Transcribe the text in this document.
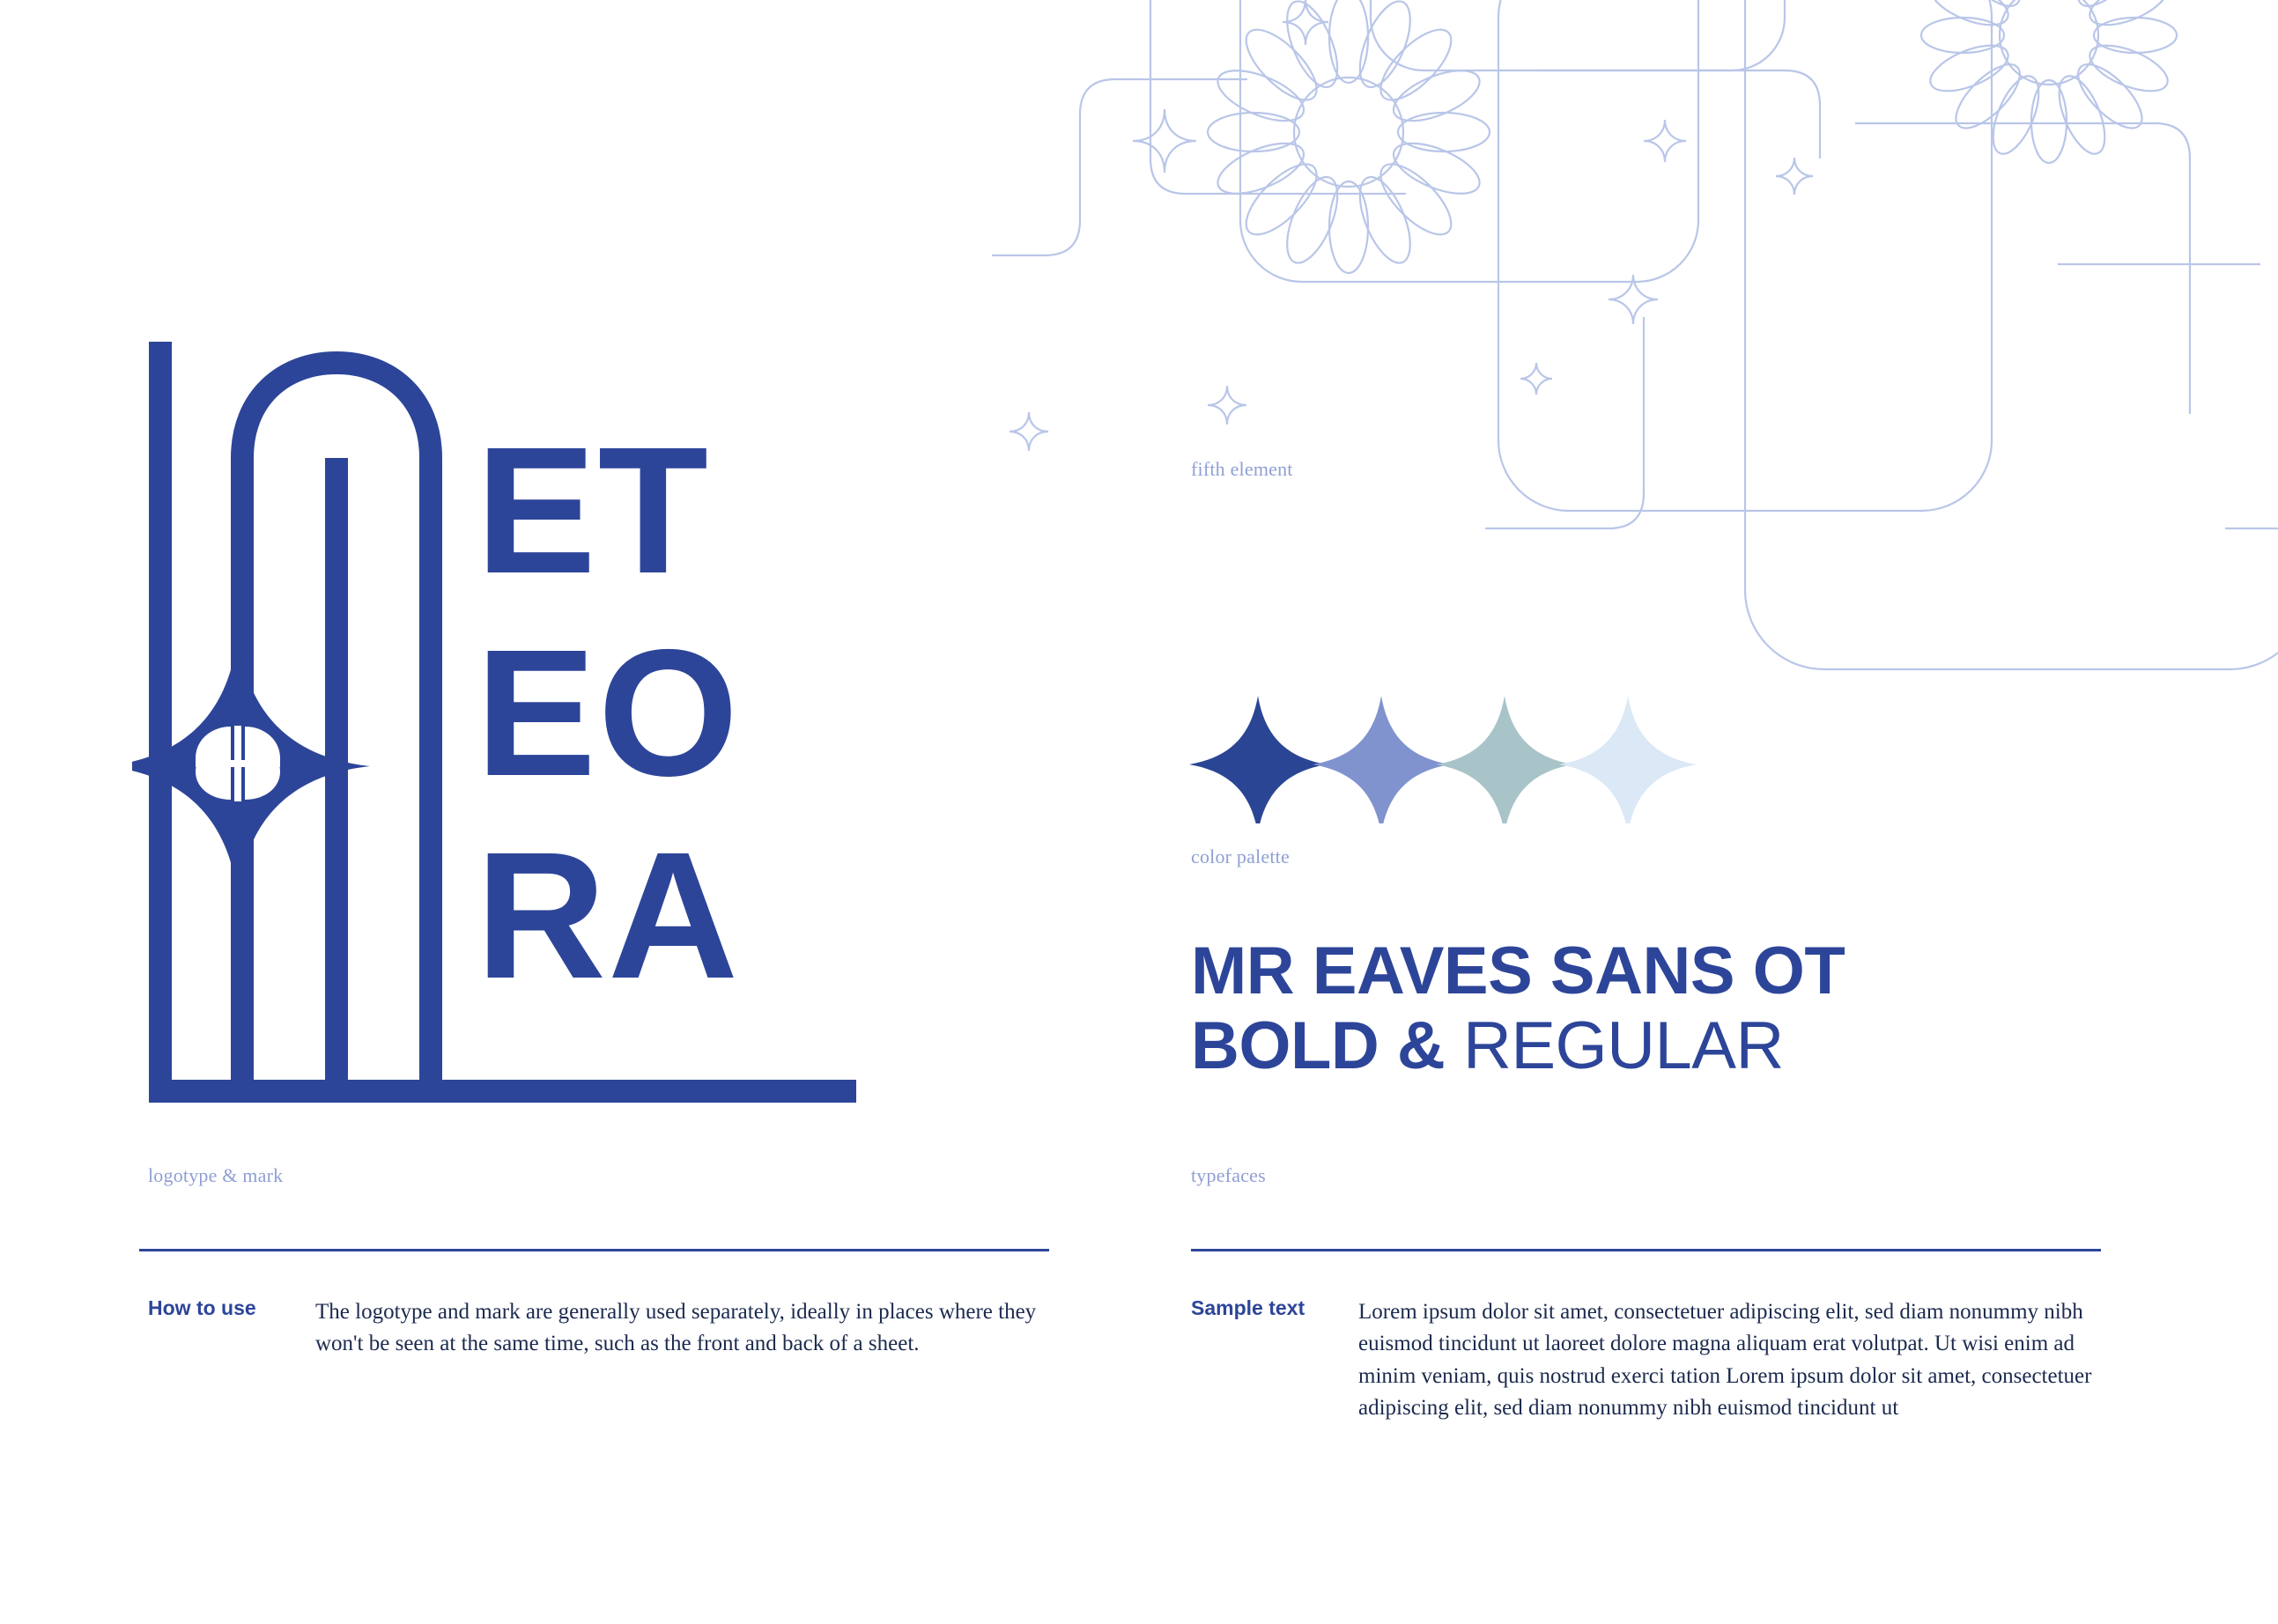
ET
EO
RA
logotype & mark
fifth element
color palette
typefaces
MR EAVES SANS OT
BOLD & REGULAR
How to use	The logotype and mark are generally used separately, ideally in places where they won't be seen at the same time, such as the front and back of a sheet.
Sample text	Lorem ipsum dolor sit amet, consectetuer adipiscing elit, sed diam nonummy nibh euismod tincidunt ut laoreet dolore magna aliquam erat volutpat. Ut wisi enim ad minim veniam, quis nostrud exerci tation Lorem ipsum dolor sit amet, consectetuer adipiscing elit, sed diam nonummy nibh euismod tincidunt ut
